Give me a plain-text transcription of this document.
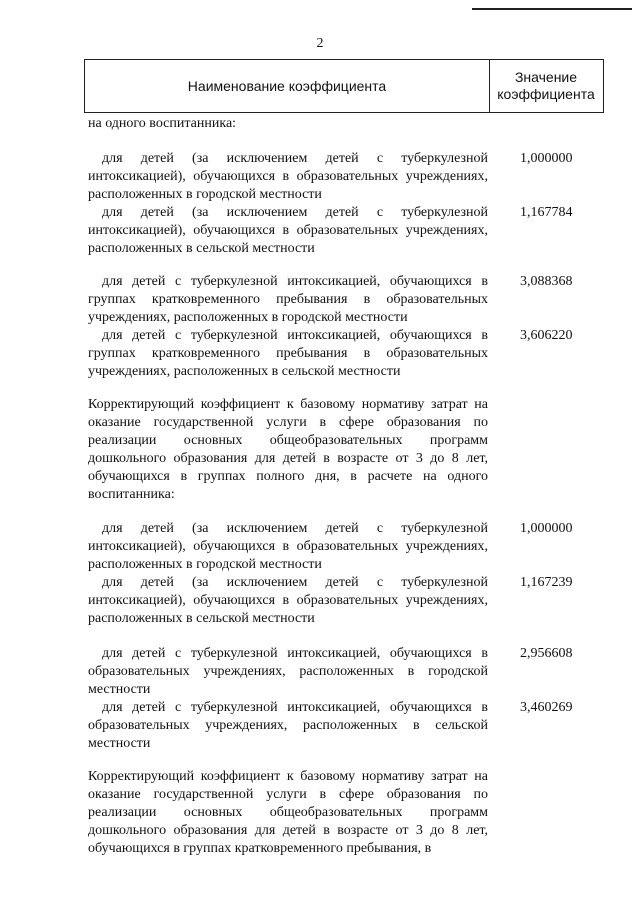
2
Наименование коэффициента
Значение
коэффициента
на одного воспитанника:
для детей (за исключением детей с туберкулезной интоксикацией), обучающихся в образовательных учреждениях, расположенных в городской местности
1,000000
для детей (за исключением детей с туберкулезной интоксикацией), обучающихся в образовательных учреждениях, расположенных в сельской местности
1,167784
для детей с туберкулезной интоксикацией, обучающихся в группах кратковременного пребывания в образовательных учреждениях, расположенных в городской местности
3,088368
для детей с туберкулезной интоксикацией, обучающихся в группах кратковременного пребывания в образовательных учреждениях, расположенных в сельской местности
3,606220
Корректирующий коэффициент к базовому нормативу затрат на оказание государственной услуги в сфере образования по реализации основных общеобразовательных программ дошкольного образования для детей в возрасте от 3 до 8 лет, обучающихся в группах полного дня, в расчете на одного воспитанника:
для детей (за исключением детей с туберкулезной интоксикацией), обучающихся в образовательных учреждениях, расположенных в городской местности
1,000000
для детей (за исключением детей с туберкулезной интоксикацией), обучающихся в образовательных учреждениях, расположенных в сельской местности
1,167239
для детей с туберкулезной интоксикацией, обучающихся в образовательных учреждениях, расположенных в городской местности
2,956608
для детей с туберкулезной интоксикацией, обучающихся в образовательных учреждениях, расположенных в сельской местности
3,460269
Корректирующий коэффициент к базовому нормативу затрат на оказание государственной услуги в сфере образования по реализации основных общеобразовательных программ дошкольного образования для детей в возрасте от 3 до 8 лет, обучающихся в группах кратковременного пребывания, в
